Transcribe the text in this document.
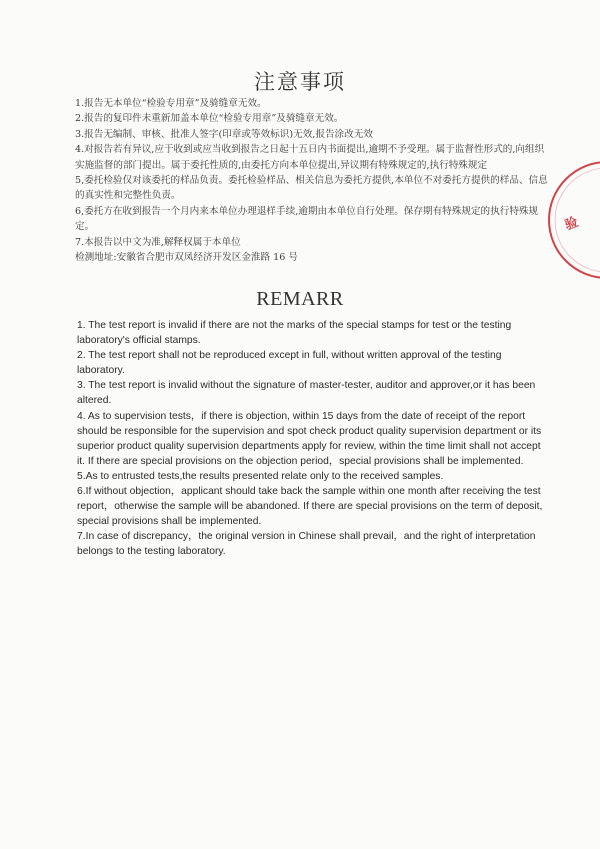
注意事项

1.报告无本单位“检验专用章”及骑缝章无效。

2.报告的复印件未重新加盖本单位“检验专用章”及骑缝章无效。

3.报告无编制、审核、批准人签字(印章或等效标识)无效,报告涂改无效

4.对报告若有异议,应于收到或应当收到报告之日起十五日内书面提出,逾期不予受理。属于监督性形式的,向组织实施监督的部门提出。属于委托性质的,由委托方向本单位提出,异议期有特殊规定的,执行特殊规定

5,委托检验仅对该委托的样品负责。委托检验样品、相关信息为委托方提供,本单位不对委托方提供的样品、信息的真实性和完整性负责。

6,委托方在收到报告一个月内来本单位办理退样手续,逾期由本单位自行处理。保存期有特殊规定的执行特殊规定。

7.本报告以中文为准,解释权属于本单位

检测地址:安徽省合肥市双凤经济开发区金淮路 16 号

REMARR

1. The test report is invalid if there are not the marks of the special stamps for test or the testing laboratory's official stamps.

2. The test report shall not be reproduced except in full, without written approval of the testing laboratory.

3. The test report is invalid without the signature of master-tester, auditor and approver,or it has been altered.

4. As to supervision tests，if there is objection, within 15 days from the date of receipt of the report should be responsible for the supervision and spot check product quality supervision department or its superior product quality supervision departments apply for review, within the time limit shall not accept it. If there are special provisions on the objection period，special provisions shall be implemented.

5.As to entrusted tests,the results presented relate only to the received samples.

6.If without objection，applicant should take back the sample within one month after receiving the test report，otherwise the sample will be abandoned. If there are special provisions on the term of deposit, special provisions shall be implemented.

7.In case of discrepancy，the original version in Chinese shall prevail，and the right of interpretation belongs to the testing laboratory.

验
